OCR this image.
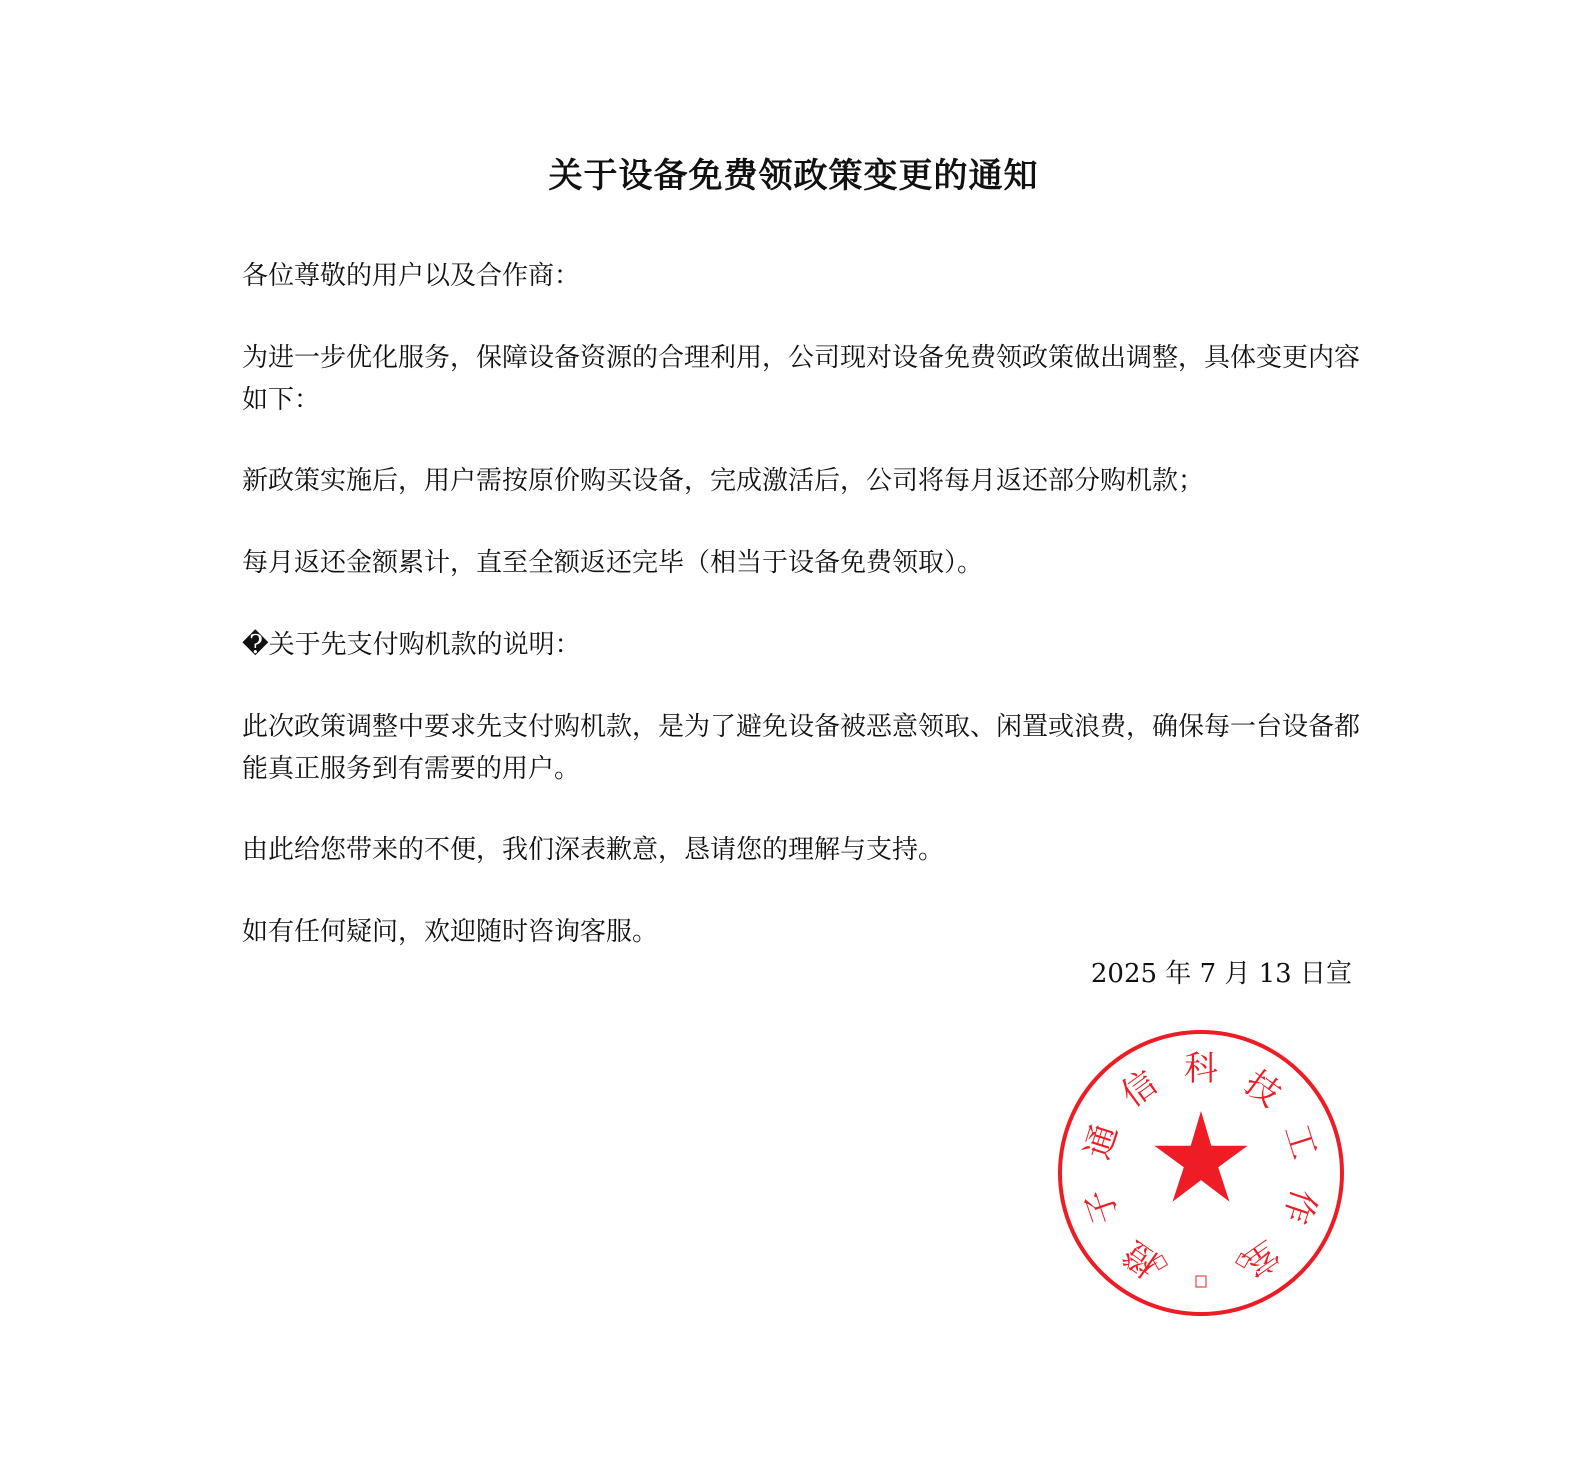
关于设备免费领政策变更的通知

各位尊敬的用户以及合作商：

为进一步优化服务，保障设备资源的合理利用，公司现对设备免费领政策做出调整，具体变更内容如下：

新政策实施后，用户需按原价购买设备，完成激活后，公司将每月返还部分购机款；

每月返还金额累计，直至全额返还完毕（相当于设备免费领取）。

�关于先支付购机款的说明：

此次政策调整中要求先支付购机款，是为了避免设备被恶意领取、闲置或浪费，确保每一台设备都能真正服务到有需要的用户。

由此给您带来的不便，我们深表歉意，恳请您的理解与支持。

如有任何疑问，欢迎随时咨询客服。

2025 年 7 月 13 日宣

橙
子
通
信 科 技
工
作
室
